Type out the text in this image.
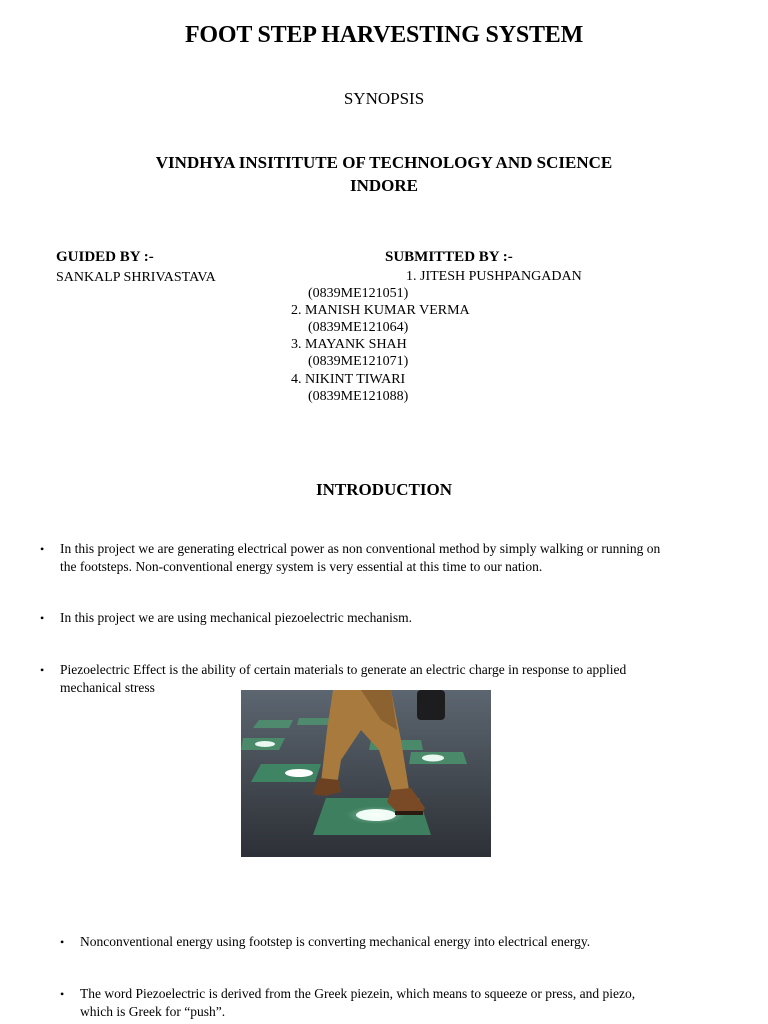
FOOT STEP HARVESTING SYSTEM
SYNOPSIS
VINDHYA INSITITUTE OF TECHNOLOGY AND SCIENCE
INDORE
GUIDED BY :-
SANKALP SHRIVASTAVA
SUBMITTED BY :-
1. JITESH PUSHPANGADAN
(0839ME121051)
2. MANISH KUMAR VERMA
(0839ME121064)
3. MAYANK SHAH
(0839ME121071)
4. NIKINT TIWARI
(0839ME121088)
INTRODUCTION
• In this project we are generating electrical power as non conventional method by simply walking or running on
the footsteps. Non-conventional energy system is very essential at this time to our nation.
• In this project we are using mechanical piezoelectric mechanism.
• Piezoelectric Effect is the ability of certain materials to generate an electric charge in response to applied
mechanical stress
• Nonconventional energy using footstep is converting mechanical energy into electrical energy.
• The word Piezoelectric is derived from the Greek piezein, which means to squeeze or press, and piezo,
which is Greek for “push”.
